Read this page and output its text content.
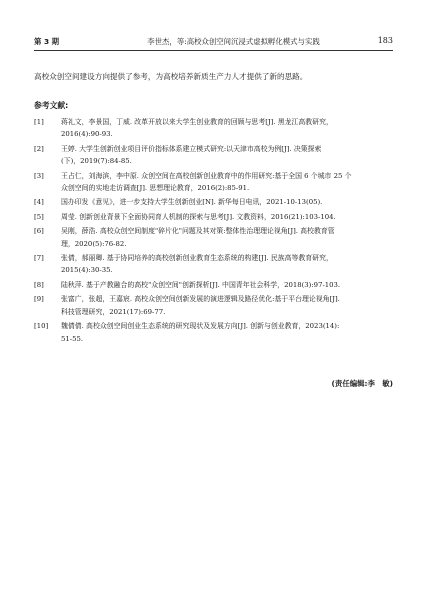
第 3 期	李世杰，等:高校众创空间沉浸式虚拟孵化模式与实践	183
高校众创空间建设方向提供了参考，为高校培养新质生产力人才提供了新的思路。
参考文献:
[1] 蒋礼文，李景国，丁威. 改革开放以来大学生创业教育的回顾与思考[J]. 黑龙江高教研究，
2016(4):90-93.
[2] 王婷. 大学生创新创业项目评价指标体系建立模式研究:以天津市高校为例[J]. 决策探索
(下)，2019(7):84-85.
[3] 王占仁，刘海滨，李中原. 众创空间在高校创新创业教育中的作用研究:基于全国 6 个城市 25 个
众创空间的实地走访调查[J]. 思想理论教育，2016(2):85-91.
[4] 国办印发《意见》，进一步支持大学生创新创业[N]. 新华每日电讯，2021-10-13(05).
[5] 周莹. 创新创业背景下全面协同育人机制的探索与思考[J]. 文教资料，2016(21):103-104.
[6] 吴刚，薛浩. 高校众创空间制度"碎片化"问题及其对策:整体性治理理论视角[J]. 高校教育管
理，2020(5):76-82.
[7] 张倩，郝丽卿. 基于协同培养的高校创新创业教育生态系统的构建[J]. 民族高等教育研究，
2015(4):30-35.
[8] 陆秋萍. 基于产教融合的高校"众创空间"创新探析[J]. 中国青年社会科学，2018(3):97-103.
[9] 张富广，张超，王嘉宸. 高校众创空间创新发展的演进逻辑及路径优化:基于平台理论视角[J].
科技管理研究，2021(17):69-77.
[10] 魏倩倩. 高校众创空间创业生态系统的研究现状及发展方向[J]. 创新与创业教育，2023(14):
51-55.
(责任编辑:李　敏)
